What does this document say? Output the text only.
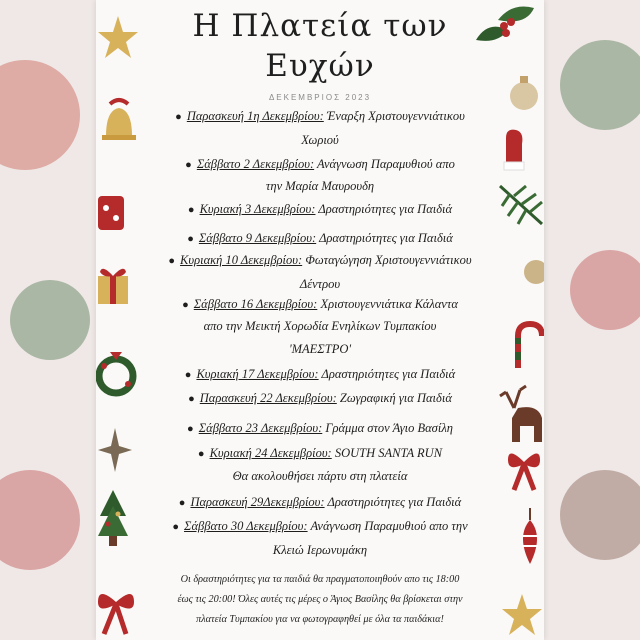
Η Πλατεία των
Ευχών
ΔΕΚΕΜΒΡΙΟΣ 2023
● Παρασκευή 1η Δεκεμβρίου: Έναρξη Χριστουγεννιάτικου
Χωριού
● Σάββατο 2 Δεκεμβρίου: Ανάγνωση Παραμυθιού απο
την Μαρία Μαυρουδη
● Κυριακή 3 Δεκεμβρίου: Δραστηριότητες για Παιδιά
● Σάββατο 9 Δεκεμβρίου: Δραστηριότητες για Παιδιά
● Κυριακή 10 Δεκεμβρίου: Φωταγώγηση Χριστουγεννιάτικου
Δέντρου
● Σάββατο 16 Δεκεμβρίου: Χριστουγεννιάτικα Κάλαντα
απο την Μεικτή Χορωδία Ενηλίκων Τυμπακίου
'ΜΑΕΣΤΡΟ'
● Κυριακή 17 Δεκεμβρίου: Δραστηριότητες για Παιδιά
● Παρασκευή 22 Δεκεμβρίου: Ζωγραφική για Παιδιά
● Σάββατο 23 Δεκεμβρίου: Γράμμα στον Άγιο Βασίλη
● Κυριακή 24 Δεκεμβρίου: SOUTH SANTA RUN
Θα ακολουθήσει πάρτυ στη πλατεία
● Παρασκευή 29Δεκεμβρίου: Δραστηριότητες για Παιδιά
● Σάββατο 30 Δεκεμβρίου: Ανάγνωση Παραμυθιού απο την
Κλειώ Ιερωνυμάκη
Οι δραστηριότητες για τα παιδιά θα πραγματοποιηθούν απο τις 18:00
έως τις 20:00! Όλες αυτές τις μέρες ο Άγιος Βασίλης θα βρίσκεται στην
πλατεία Τυμπακίου για να φωτογραφηθεί με όλα τα παιδάκια!
